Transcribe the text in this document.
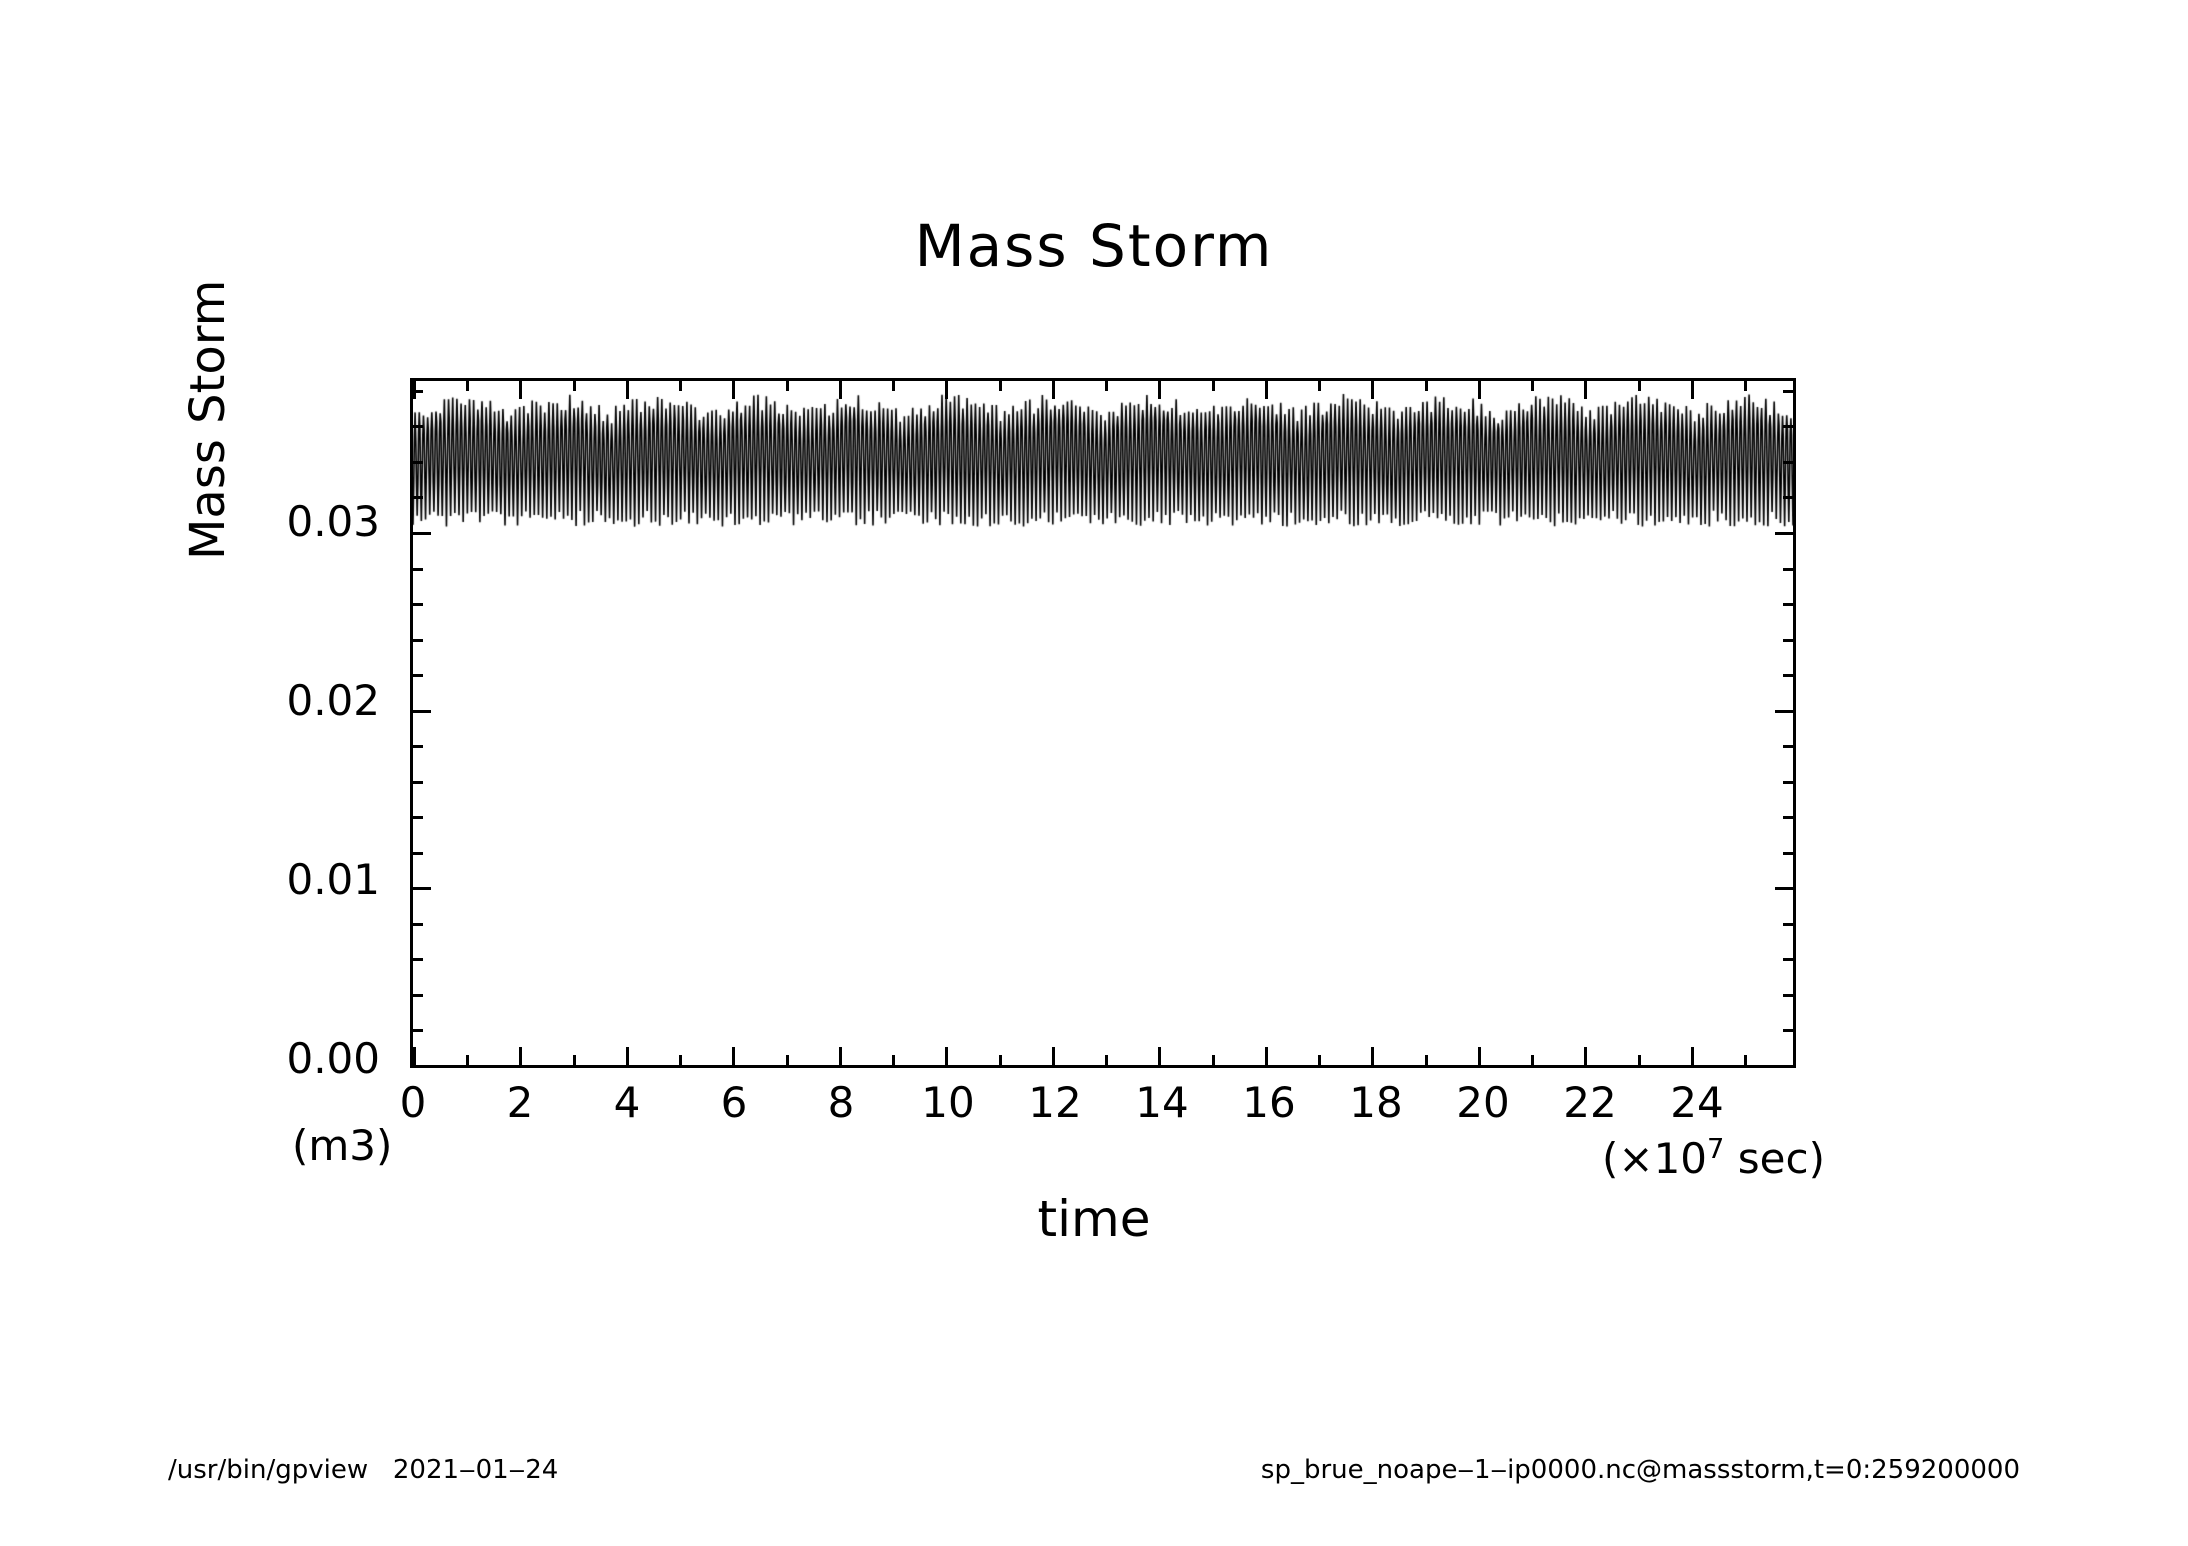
Mass Storm
0.00
0.01
0.02
0.03
0 2 4 6 8 10 12 14 16 18 20 22 24
Mass Storm
time
(m3)	($\times 10^7$ sec)
/usr/bin/gpview   2021‒01‒24	sp_brue_noape‒1‒ip0000.nc@massstorm,t=0:259200000
